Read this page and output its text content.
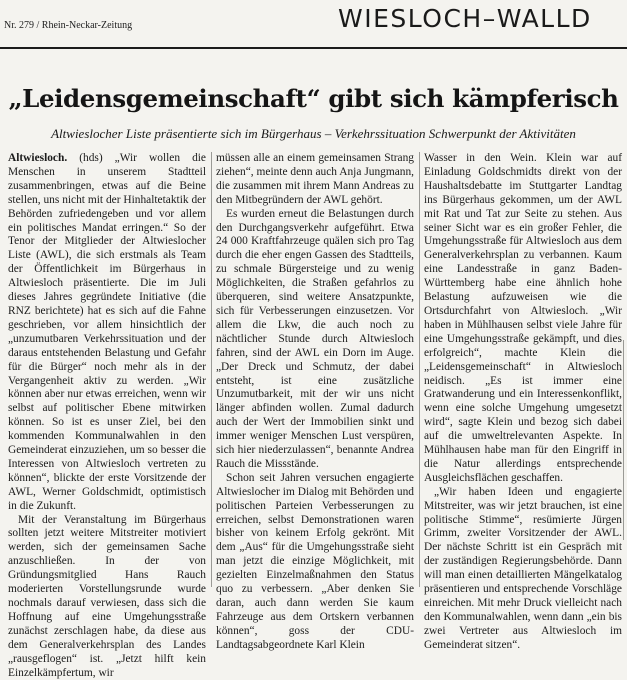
Nr. 279 / Rhein-Neckar-Zeitung	WIESLOCH–WALLD
„Leidensgemeinschaft“ gibt sich kämpferisch
Altwieslocher Liste präsentierte sich im Bürgerhaus – Verkehrssituation Schwerpunkt der Aktivitäten

Altwiesloch. (hds) „Wir wollen die Menschen in unserem Stadtteil zusammenbringen, etwas auf die Beine stellen, uns nicht mit der Hinhaltetaktik der Behörden zufriedengeben und vor allem ein politisches Mandat erringen.“ So der Tenor der Mitglieder der Altwieslocher Liste (AWL), die sich erstmals als Team der Öffentlichkeit im Bürgerhaus in Altwiesloch präsentierte. Die im Juli dieses Jahres gegründete Initiative (die RNZ berichtete) hat es sich auf die Fahne geschrieben, vor allem hinsichtlich der „unzumutbaren Verkehrssituation und der daraus entstehenden Belastung und Gefahr für die Bürger“ noch mehr als in der Vergangenheit aktiv zu werden. „Wir können aber nur etwas erreichen, wenn wir selbst auf politischer Ebene mitwirken können. So ist es unser Ziel, bei den kommenden Kommunalwahlen in den Gemeinderat einzuziehen, um so besser die Interessen von Altwiesloch vertreten zu können“, blickte der erste Vorsitzende der AWL, Werner Goldschmidt, optimistisch in die Zukunft.

Mit der Veranstaltung im Bürgerhaus sollten jetzt weitere Mitstreiter motiviert werden, sich der gemeinsamen Sache anzuschließen. In der von Gründungsmitglied Hans Rauch moderierten Vorstellungsrunde wurde nochmals darauf verwiesen, dass sich die Hoffnung auf eine Umgehungsstraße zunächst zerschlagen habe, da diese aus dem Generalverkehrsplan des Landes „rausgeflogen“ ist. „Jetzt hilft kein Einzelkämpfertum, wir

müssen alle an einem gemeinsamen Strang ziehen“, meinte denn auch Anja Jungmann, die zusammen mit ihrem Mann Andreas zu den Mitbegründern der AWL gehört.

Es wurden erneut die Belastungen durch den Durchgangsverkehr aufgeführt. Etwa 24 000 Kraftfahrzeuge quälen sich pro Tag durch die eher engen Gassen des Stadtteils, zu schmale Bürgersteige und zu wenig Möglichkeiten, die Straßen gefahrlos zu überqueren, sind weitere Ansatzpunkte, sich für Verbesserungen einzusetzen. Vor allem die Lkw, die auch noch zu nächtlicher Stunde durch Altwiesloch fahren, sind der AWL ein Dorn im Auge. „Der Dreck und Schmutz, der dabei entsteht, ist eine zusätzliche Unzumutbarkeit, mit der wir uns nicht länger abfinden wollen. Zumal dadurch auch der Wert der Immobilien sinkt und immer weniger Menschen Lust verspüren, sich hier niederzulassen“, benannte Andrea Rauch die Missstände.

Schon seit Jahren versuchen engagierte Altwieslocher im Dialog mit Behörden und politischen Parteien Verbesserungen zu erreichen, selbst Demonstrationen waren bisher von keinem Erfolg gekrönt. Mit dem „Aus“ für die Umgehungsstraße sieht man jetzt die einzige Möglichkeit, mit gezielten Einzelmaßnahmen den Status quo zu verbessern. „Aber denken Sie daran, auch dann werden Sie kaum Fahrzeuge aus dem Ortskern verbannen können“, goss der CDU-Landtagsabgeordnete Karl Klein

Wasser in den Wein. Klein war auf Einladung Goldschmidts direkt von der Haushaltsdebatte im Stuttgarter Landtag ins Bürgerhaus gekommen, um der AWL mit Rat und Tat zur Seite zu stehen. Aus seiner Sicht war es ein großer Fehler, die Umgehungsstraße für Altwiesloch aus dem Generalverkehrsplan zu verbannen. Kaum eine Landesstraße in ganz Baden-Württemberg habe eine ähnlich hohe Belastung aufzuweisen wie die Ortsdurchfahrt von Altwiesloch. „Wir haben in Mühlhausen selbst viele Jahre für eine Umgehungsstraße gekämpft, und dies erfolgreich“, machte Klein die „Leidensgemeinschaft“ in Altwiesloch neidisch. „Es ist immer eine Gratwanderung und ein Interessenkonflikt, wenn eine solche Umgehung umgesetzt wird“, sagte Klein und bezog sich dabei auf die umweltrelevanten Aspekte. In Mühlhausen habe man für den Eingriff in die Natur allerdings entsprechende Ausgleichsflächen geschaffen.

„Wir haben Ideen und engagierte Mitstreiter, was wir jetzt brauchen, ist eine politische Stimme“, resümierte Jürgen Grimm, zweiter Vorsitzender der AWL. Der nächste Schritt ist ein Gespräch mit der zuständigen Regierungsbehörde. Dann will man einen detaillierten Mängelkatalog präsentieren und entsprechende Vorschläge einreichen. Mit mehr Druck vielleicht nach den Kommunalwahlen, wenn dann „ein bis zwei Vertreter aus Altwiesloch im Gemeinderat sitzen“.
